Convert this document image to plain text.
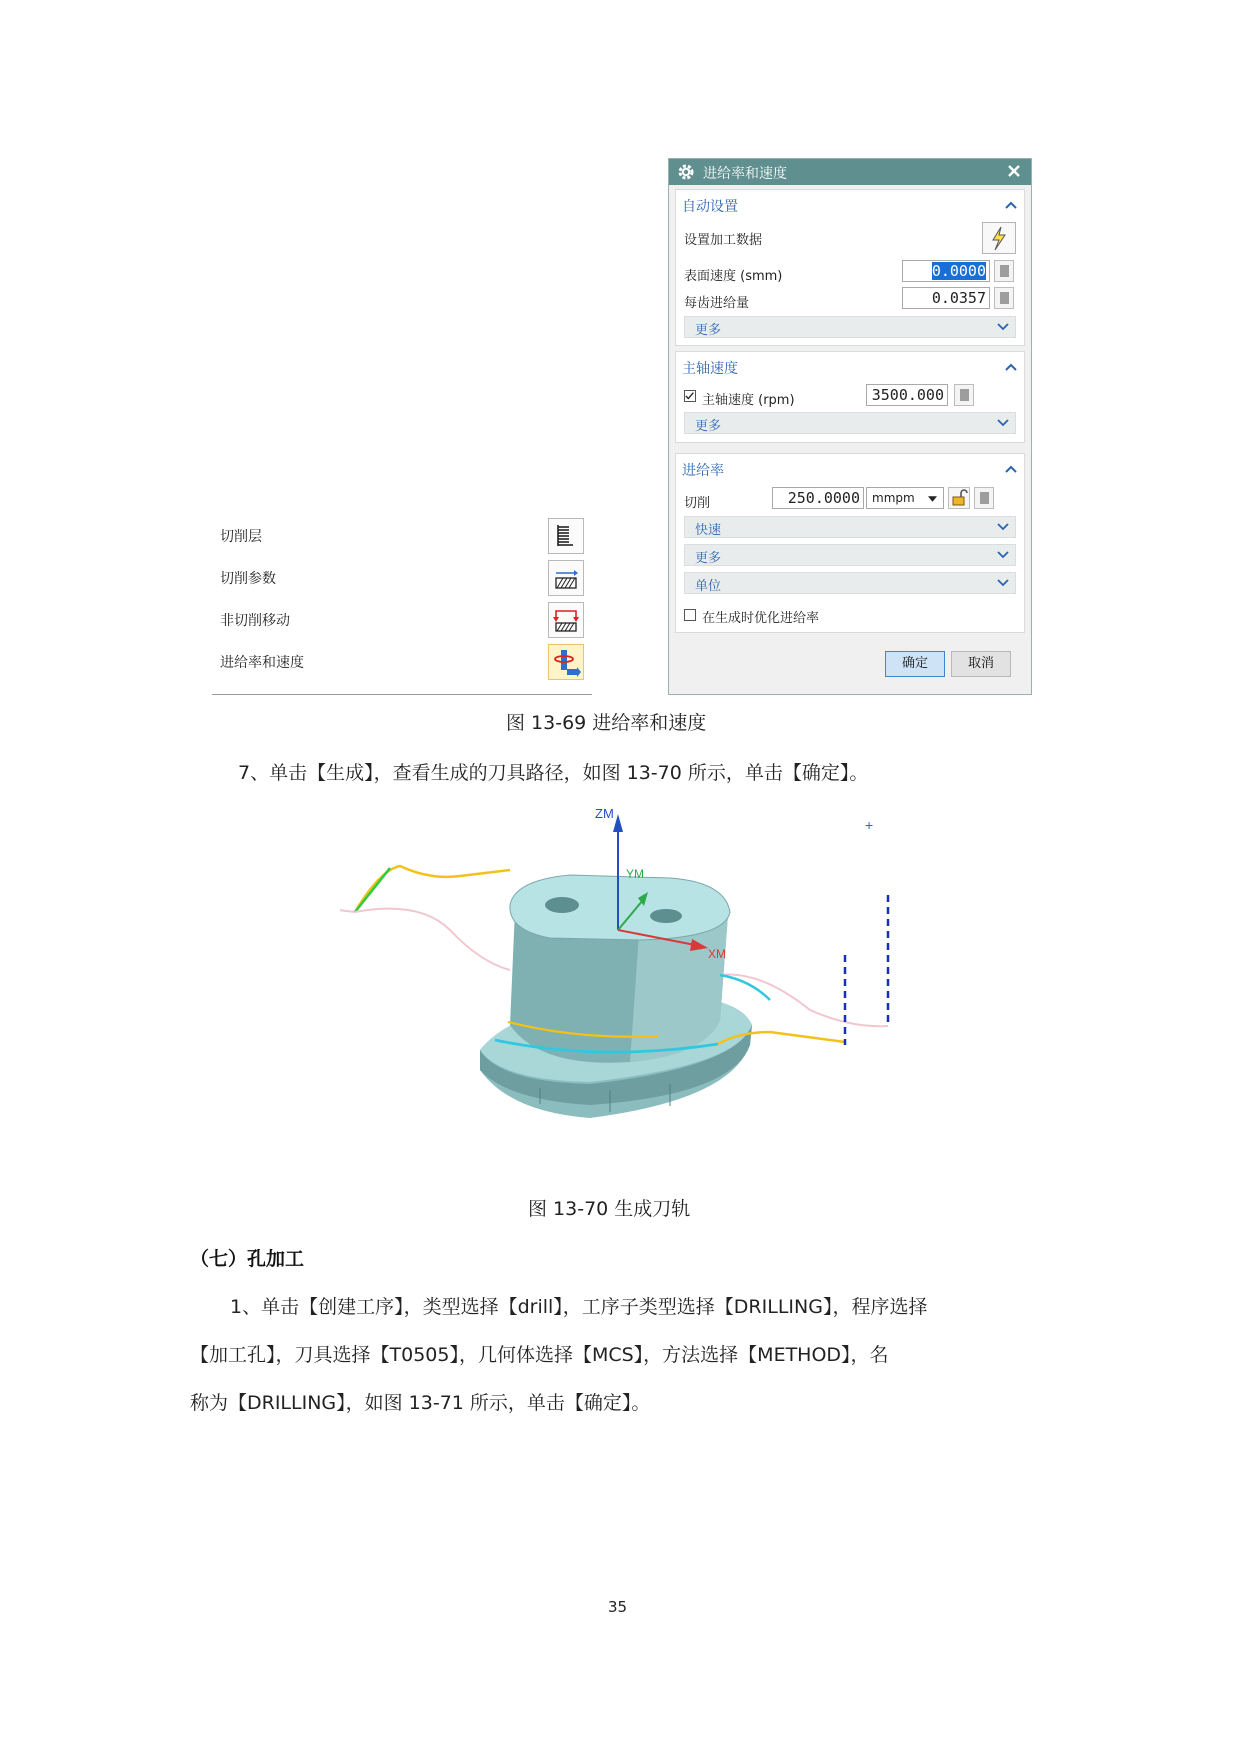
切削层
切削参数
非切削移动
进给率和速度
进给率和速度
自动设置
设置加工数据
表面速度 (smm)	0.0000
每齿进给量	0.0357
更多
主轴速度
主轴速度 (rpm)	3500.000
更多
进给率
切削	250.0000	mmpm
快速
更多
单位
在生成时优化进给率
确定	取消
图 13-69 进给率和速度
7、单击【生成】，查看生成的刀具路径，如图 13-70 所示，单击【确定】。
ZM
YM
XM
+
图 13-70 生成刀轨
（七）孔加工
1、单击【创建工序】，类型选择【drill】，工序子类型选择【DRILLING】，程序选择
【加工孔】，刀具选择【T0505】，几何体选择【MCS】，方法选择【METHOD】，名
称为【DRILLING】，如图 13-71 所示，单击【确定】。
35
